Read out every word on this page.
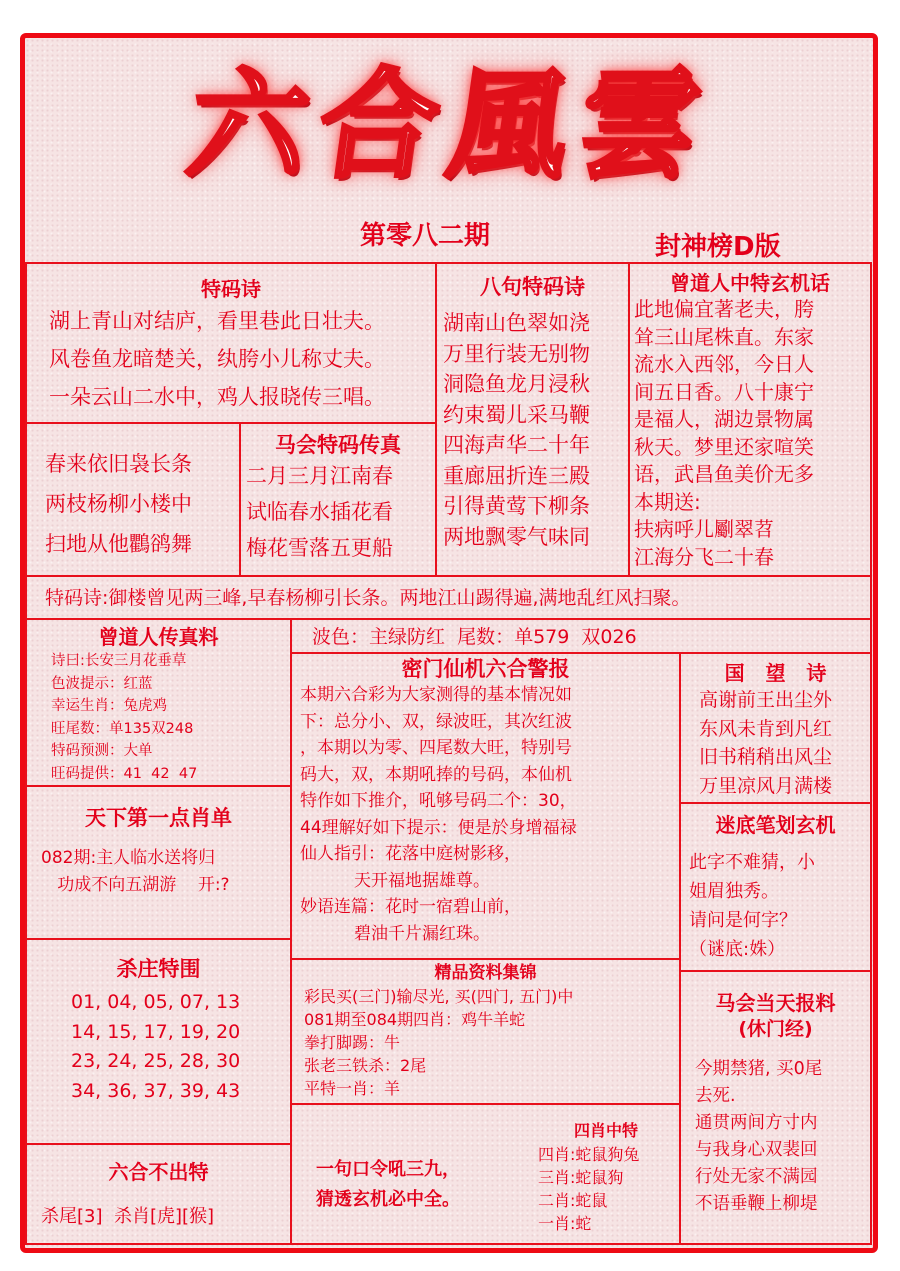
六合風雲
第零八二期	封神榜D版
特码诗
湖上青山对结庐，看里巷此日壮夫。
风卷鱼龙暗楚关，纨胯小儿称丈夫。
一朵云山二水中，鸡人报晓传三唱。
春来依旧袅长条
两枝杨柳小楼中
扫地从他鸜鹆舞
马会特码传真
二月三月江南春
试临春水插花看
梅花雪落五更船
八句特码诗
湖南山色翠如浇
万里行装无别物
洞隐鱼龙月浸秋
约束蜀儿采马鞭
四海声华二十年
重廊屈折连三殿
引得黄莺下柳条
两地飘零气味同
曾道人中特玄机话
此地偏宜著老夫，胯
耸三山尾株直。东家
流水入西邻，今日人
间五日香。八十康宁
是福人，湖边景物属
秋天。梦里还家喧笑
语，武昌鱼美价无多
本期送:
扶病呼儿劚翠苕
江海分飞二十春
特码诗:御楼曾见两三峰,早春杨柳引长条。两地江山踢得遍,满地乱红风扫聚。
曾道人传真料
诗曰:长安三月花垂草
色波提示：红蓝
幸运生肖：兔虎鸡
旺尾数：单135双248
特码预测：大单
旺码提供：41  42  47
天下第一点肖单
082期:主人临水送将归
功成不向五湖游    开:?
杀庄特围
01, 04, 05, 07, 13
14, 15, 17, 19, 20
23, 24, 25, 28, 30
34, 36, 37, 39, 43
六合不出特
杀尾[3]  杀肖[虎][猴]
波色：主绿防红  尾数：单579  双026
密门仙机六合警报
本期六合彩为大家测得的基本情况如
下：总分小、双，绿波旺，其次红波
，本期以为零、四尾数大旺，特别号
码大，双，本期吼捧的号码，本仙机
特作如下推介，吼够号码二个：30，
44理解好如下提示：便是於身增福禄
仙人指引：花落中庭树影移，
天开福地据雄尊。
妙语连篇：花时一宿碧山前，
碧油千片漏红珠。
精品资料集锦
彩民买(三门)输尽光, 买(四门, 五门)中
081期至084期四肖：鸡牛羊蛇
拳打脚踢：牛
张老三铁杀：2尾
平特一肖：羊
一句口令吼三九，
猜透玄机必中全。
四肖中特
四肖:蛇鼠狗兔
三肖:蛇鼠狗
二肖:蛇鼠
一肖:蛇
国   望   诗
高谢前王出尘外
东风未肯到凡红
旧书稍稍出风尘
万里凉风月满楼
迷底笔划玄机
此字不难猜，小
姐眉独秀。
请问是何字？
（谜底:姝）
马会当天报料
(休门经)
今期禁猪, 买0尾
去死.
通贯两间方寸内
与我身心双裴回
行处无家不满园
不语垂鞭上柳堤
